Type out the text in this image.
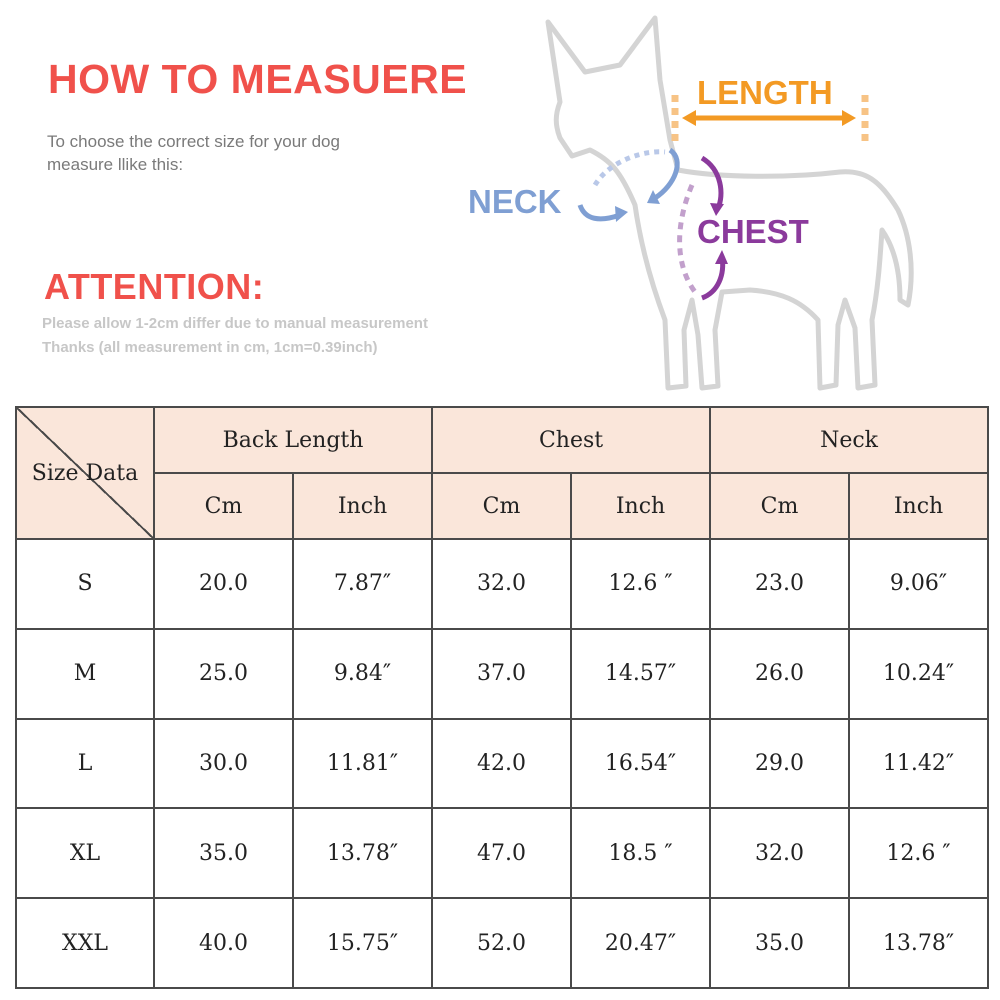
HOW TO MEASUERE
To choose the correct size for your dog
measure llike this:
ATTENTION:
Please allow 1-2cm differ due to manual measurement
Thanks (all measurement in cm, 1cm=0.39inch)
LENGTH
NECK
CHEST
Size Data	Back Length		Chest		Neck	
	Cm	Inch	Cm	Inch	Cm	Inch
S	20.0	7.87″	32.0	12.6 ″	23.0	9.06″
M	25.0	9.84″	37.0	14.57″	26.0	10.24″
L	30.0	11.81″	42.0	16.54″	29.0	11.42″
XL	35.0	13.78″	47.0	18.5 ″	32.0	12.6 ″
XXL	40.0	15.75″	52.0	20.47″	35.0	13.78″
